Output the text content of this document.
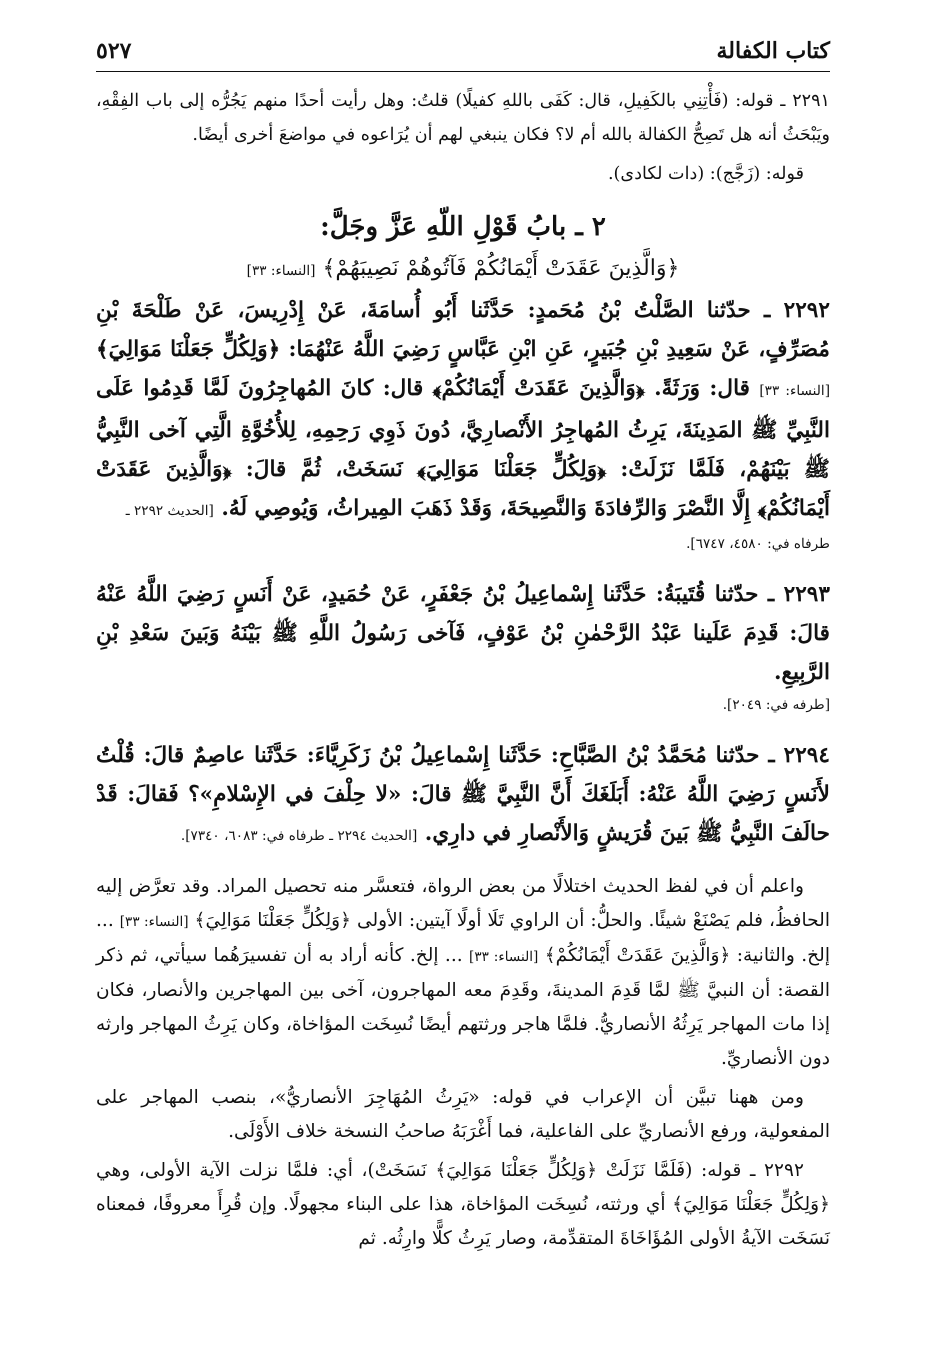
كتاب الكفالة
٥٢٧

٢٢٩١ ـ قوله: (فَأْتِنِي بالكَفِيلِ، قال: كَفَى باللهِ كفيلًا) قلتُ: وهل رأيت أحدًا منهم يَجُرُّه إلى باب الفِقْهِ، ويَبْحَثُ أنه هل تَصِحُّ الكفالة بالله أم لا؟ فكان ينبغي لهم أن يُرَاعوه في مواضعَ أخرى أيضًا.

قوله: (زَجَّج): (دات لكادى).

٢ ـ بابُ قَوْلِ اللّهِ عَزَّ وجَلَّ:

﴿وَالَّذِينَ عَقَدَتْ أَيْمَانُكُمْ فَآتُوهُمْ نَصِيبَهُمْ﴾ [النساء: ٣٣]

٢٢٩٢ ـ حدّثنا الصَّلْتُ بْنُ مُحَمدٍ: حَدَّثَنا أَبُو أُسامَةَ، عَنْ إِدْرِيسَ، عَنْ طَلْحَةَ بْنِ مُصَرِّفٍ، عَنْ سَعِيدِ بْنِ جُبَيرٍ، عَنِ ابْنِ عَبَّاسٍ رَضِيَ اللَّهُ عَنْهُمَا: ﴿وَلِكُلٍّ جَعَلْنَا مَوَالِيَ﴾ [النساء: ٣٣] قال: وَرَثَةً. ﴿وَالَّذِينَ عَقَدَتْ أَيْمَانُكُمْ﴾ قال: كانَ المُهاجِرُونَ لَمَّا قَدِمُوا عَلَى النَّبِيِّ ﷺ المَدِينَةَ، يَرِثُ المُهاجِرُ الأَنْصارِيَّ، دُونَ ذَوِي رَحِمِهِ، لِلأُخُوَّةِ الَّتِي آخى النَّبِيُّ ﷺ بَيْنَهُمْ، فَلَمَّا نَزَلَتْ: ﴿وَلِكُلٍّ جَعَلْنَا مَوَالِيَ﴾ نَسَخَتْ، ثُمَّ قالَ: ﴿وَالَّذِينَ عَقَدَتْ أَيْمَانُكُمْ﴾ إِلَّا النَّصْرَ وَالرِّفادَةَ وَالنَّصِيحَةَ، وَقَدْ ذَهَبَ المِيراثُ، وَيُوصِي لَهُ. [الحديث ٢٢٩٢ ـ

طرفاه في: ٤٥٨٠، ٦٧٤٧].

٢٢٩٣ ـ حدّثنا قُتَيبَةُ: حَدَّثَنا إِسْماعِيلُ بْنُ جَعْفَرٍ، عَنْ حُمَيدٍ، عَنْ أَنَسٍ رَضِيَ اللَّهُ عَنْهُ قالَ: قَدِمَ عَلَينا عَبْدُ الرَّحْمٰنِ بْنُ عَوْفٍ، فَآخى رَسُولُ اللَّهِ ﷺ بَيْنَهُ وَبَينَ سَعْدِ بْنِ الرَّبِيعِ.

[طرفه في: ٢٠٤٩].

٢٢٩٤ ـ حدّثنا مُحَمَّدُ بْنُ الصَّبَّاحِ: حَدَّثَنا إِسْماعِيلُ بْنُ زَكَرِيَّاءَ: حَدَّثَنا عاصِمٌ قالَ: قُلْتُ لأَنَسٍ رَضِيَ اللَّهُ عَنْهُ: أَبَلَغَكَ أَنَّ النَّبِيَّ ﷺ قالَ: «لا حِلْفَ في الإِسْلامِ»؟ فَقالَ: قَدْ حالَفَ النَّبِيُّ ﷺ بَينَ قُرَيشٍ وَالأَنْصارِ في دارِي. [الحديث ٢٢٩٤ ـ طرفاه في: ٦٠٨٣، ٧٣٤٠].

واعلم أن في لفظ الحديث اختلالًا من بعض الرواة، فتعسَّر منه تحصيل المراد. وقد تعرَّض إليه الحافظُ، فلم يَصْنَعْ شيئًا. والحلُّ: أن الراوي تَلَا أولًا آيتين: الأولى ﴿وَلِكُلٍّ جَعَلْنَا مَوَالِيَ﴾ [النساء: ٣٣] ... إلخ. والثانية: ﴿وَالَّذِينَ عَقَدَتْ أَيْمَانُكُمْ﴾ [النساء: ٣٣] ... إلخ. كأنه أراد به أن تفسيرَهُما سيأتي، ثم ذكر القصة: أن النبيَّ ﷺ لمَّا قَدِمَ المدينةَ، وقَدِمَ معه المهاجرون، آخى بين المهاجرين والأنصار، فكان إذا مات المهاجر يَرِثُهُ الأنصاريُّ. فلمَّا هاجر ورثتهم أيضًا نُسِخَت المؤاخاة، وكان يَرِثُ المهاجر وارثه دون الأنصاريِّ.

ومن ههنا تبيَّن أن الإعراب في قوله: «يَرِثُ المُهَاجِرَ الأنصاريُّ»، بنصب المهاجر على المفعولية، ورفع الأنصاريِّ على الفاعلية، فما أَغْرَبَهُ صاحبُ النسخة خلاف الأَوْلَى.

٢٢٩٢ ـ قوله: (فَلَمَّا نَزَلَتْ ﴿وَلِكُلٍّ جَعَلْنَا مَوَالِيَ﴾ نَسَخَتْ)، أي: فلمَّا نزلت الآية الأولى، وهي ﴿وَلِكُلٍّ جَعَلْنَا مَوَالِيَ﴾ أي ورثته، نُسِخَت المؤاخاة، هذا على البناء مجهولًا. وإن قُرِأَ معروفًا، فمعناه نَسَخَت الآيةُ الأولى المُؤَاخَاةَ المتقدِّمة، وصار يَرِثُ كلًّا وارِثُه. ثم
